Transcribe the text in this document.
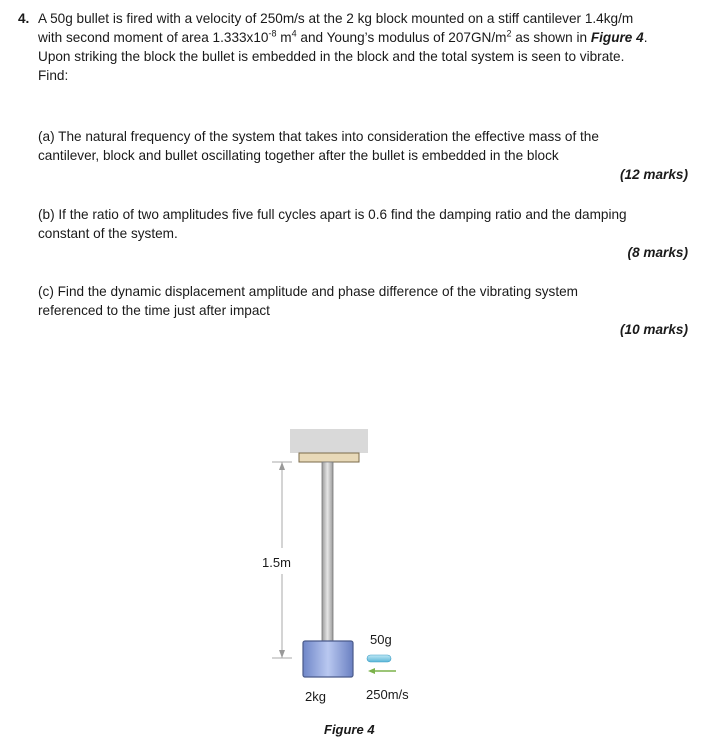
4. A 50g bullet is fired with a velocity of 250m/s at the 2 kg block mounted on a stiff cantilever 1.4kg/m
with second moment of area $1.333x10^{-8}$ $m^4$ and Young’s modulus of $207GN/m^2$ as shown in Figure 4.
Upon striking the block the bullet is embedded in the block and the total system is seen to vibrate.
Find:
(a) The natural frequency of the system that takes into consideration the effective mass of the
cantilever, block and bullet oscillating together after the bullet is embedded in the block
(12 marks)
(b) If the ratio of two amplitudes five full cycles apart is 0.6 find the damping ratio and the damping
constant of the system.
(8 marks)
(c) Find the dynamic displacement amplitude and phase difference of the vibrating system
referenced to the time just after impact
(10 marks)
1.5m
50g
2kg	250m/s
Figure 4
